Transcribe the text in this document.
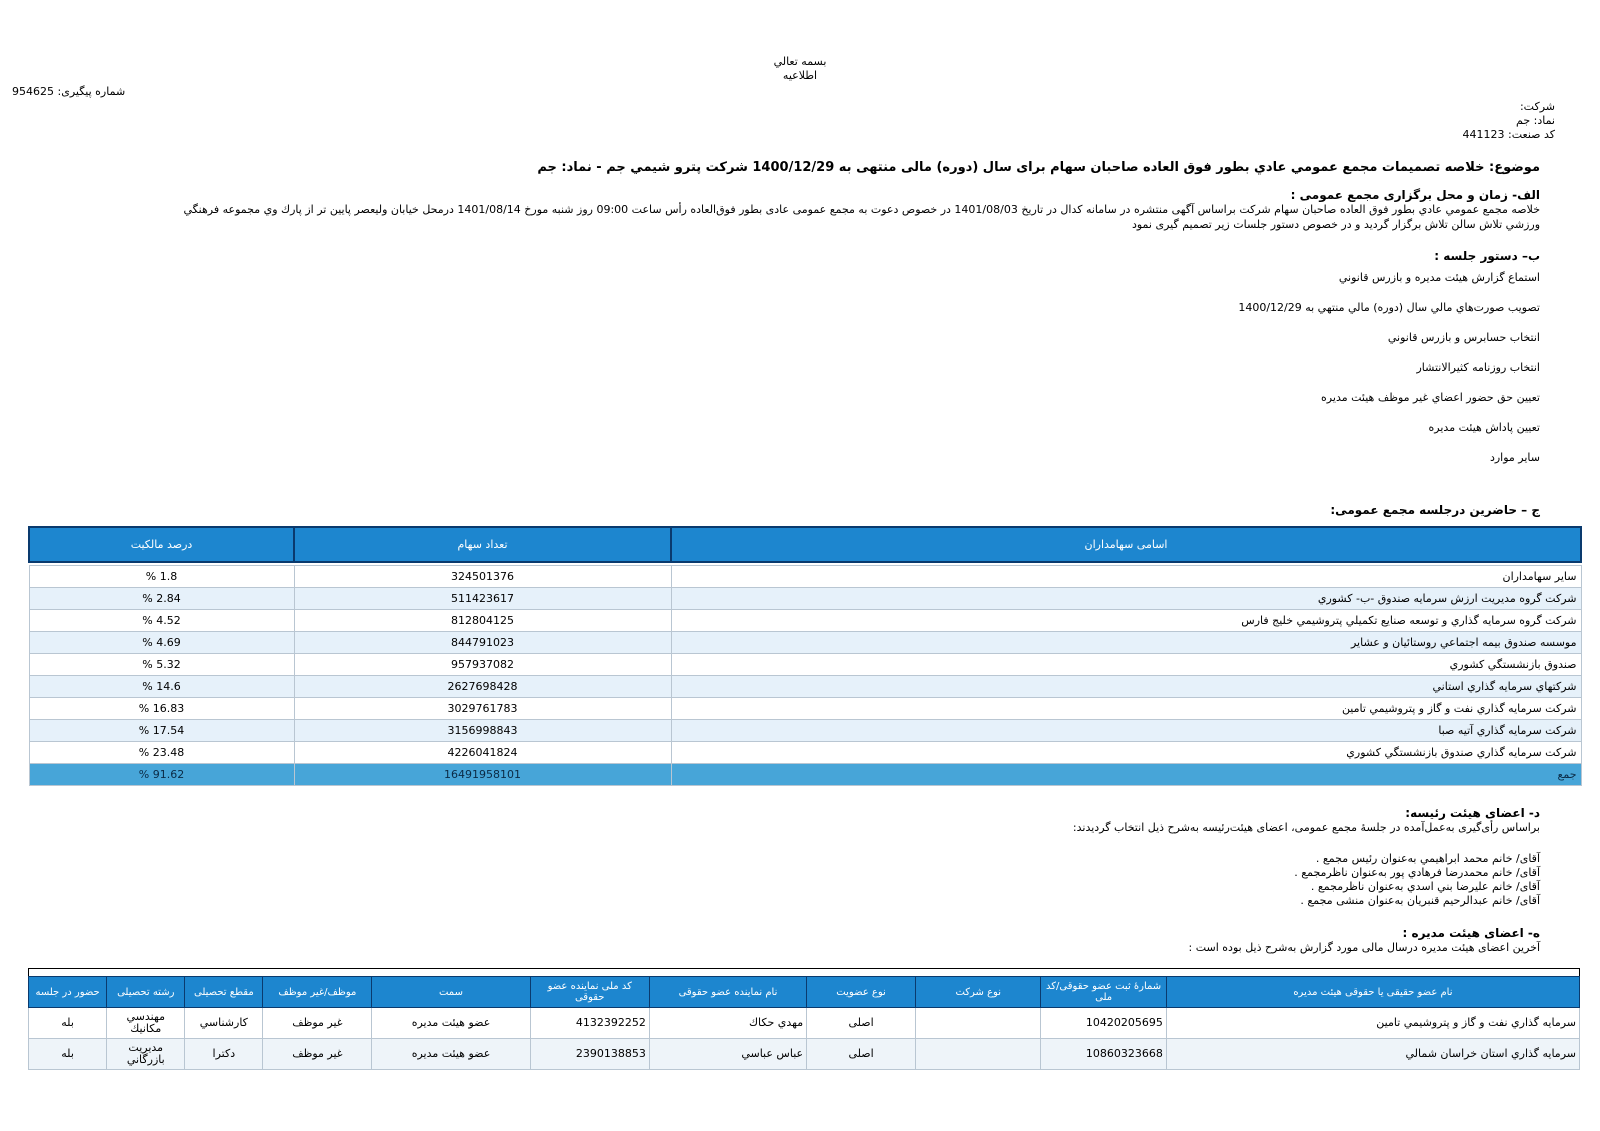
بسمه تعالي
اطلاعيه
شماره پیگیری: 954625
شرکت:
نماد: جم
کد صنعت: 441123
موضوع: خلاصه تصميمات مجمع عمومي عادي بطور فوق العاده صاحبان سهام براى سال (دوره) مالى منتهى به 1400/12/29 شرکت پترو شيمي جم - نماد: جم
الف- زمان و محل برگزاری مجمع عمومی :
خلاصه مجمع عمومي عادي بطور فوق العاده صاحبان سهام شرکت براساس آگهی منتشره در سامانه کدال در تاریخ 1401/08/03 در خصوص دعوت به مجمع عمومی عادی بطور فوق‌العاده رأس ساعت 09:00 روز شنبه مورخ 1401/08/14 درمحل خيابان وليعصر پايين تر از پارك وي مجموعه فرهنگي
ورزشي تلاش سالن تلاش برگزار گردید و در خصوص دستور جلسات زیر تصمیم گیری نمود
ب– دستور جلسه :
استماع گزارش هيئت مديره و بازرس قانوني
تصويب صورت‌هاي مالي سال (دوره) مالي منتهي به 1400/12/29
انتخاب حسابرس و بازرس قانوني
انتخاب روزنامه كثيرالانتشار
تعيين حق حضور اعضاي غير موظف هيئت مديره
تعيين پاداش هيئت مديره
ساير موارد
ج – حاضرین درجلسه مجمع عمومی:
اسامی سهامداران	تعداد سهام	درصد مالکیت

ساير سهامداران	324501376	1.8 %
شركت گروه مديريت ارزش سرمايه صندوق -ب- كشوري	511423617	2.84 %
شركت گروه سرمايه گذاري و توسعه صنايع تكميلي پتروشيمي خليج فارس	812804125	4.52 %
موسسه صندوق بيمه اجتماعي روستائيان و عشاير	844791023	4.69 %
صندوق بازنشستگي كشوري	957937082	5.32 %
شركتهاي سرمايه گذاري استاني	2627698428	14.6 %
شركت سرمايه گذاري نفت و گاز و پتروشيمي تامين	3029761783	16.83 %
شركت سرمايه گذاري آتيه صبا	3156998843	17.54 %
شركت سرمايه گذاري صندوق بازنشستگي كشوري	4226041824	23.48 %
جمع	16491958101	91.62 %
د- اعضای هیئت رئیسه:
براساس رأی‌گیری به‌عمل‌آمده در جلسهٔ مجمع عمومی، اعضای هیئت‌رئیسه به‌شرح ذیل انتخاب گردیدند:
آقای/ خانم محمد ابراهيمي به‌عنوان رئیس مجمع .
آقای/ خانم محمدرضا فرهادي پور به‌عنوان ناظرمجمع .
آقای/ خانم عليرضا بني اسدي به‌عنوان ناظرمجمع .
آقای/ خانم عبدالرحيم قنبريان به‌عنوان منشی مجمع .
ه- اعضای هیئت مدیره :
آخرین اعضای هیئت مدیره درسال مالی مورد گزارش به‌شرح ذیل بوده است :
نام عضو حقیقی یا حقوقی هیئت مدیره	شمارهٔ ثبت عضو حقوقی/کد ملی	نوع شرکت	نوع عضویت	نام نماینده عضو حقوقی	کد ملی نماینده عضو حقوقی	سمت	موظف/غیر موظف	مقطع تحصیلی	رشته تحصیلی	حضور در جلسه
سرمايه گذاري نفت و گاز و پتروشيمي تامين	10420205695		اصلی	مهدي حكاك	4132392252	عضو هيئت مديره	غیر موظف	كارشناسي	مهندسي مكانيك	بله
سرمايه گذاري استان خراسان شمالي	10860323668		اصلی	عباس عباسي	2390138853	عضو هيئت مديره	غیر موظف	دكترا	مديريت بازرگاني	بله
